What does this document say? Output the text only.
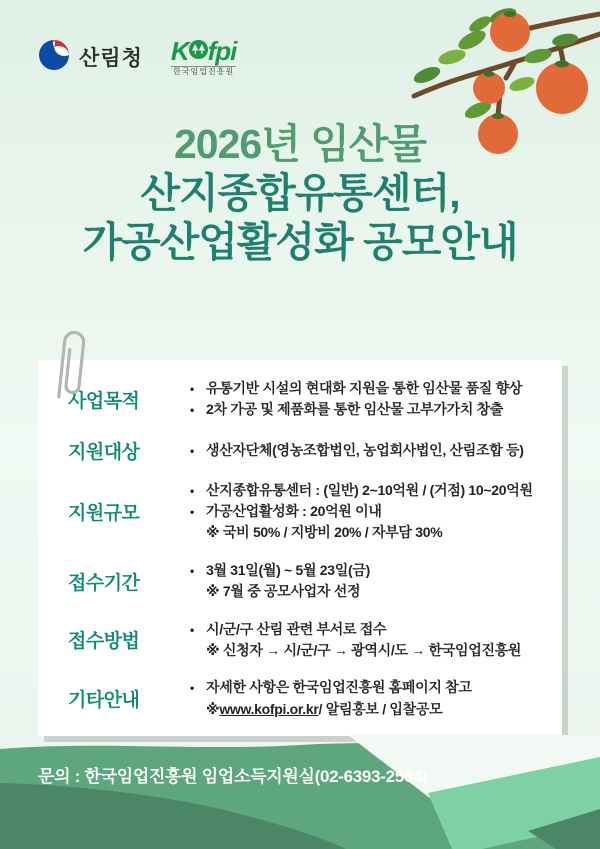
산림청 K fpi
한국임업진흥원
2026년 임산물
산지종합유통센터,
가공산업활성화 공모안내
사업목적
• 유통기반 시설의 현대화 지원을 통한 임산물 품질 향상
• 2차 가공 및 제품화를 통한 임산물 고부가가치 창출
지원대상	• 생산자단체(영농조합법인, 농업회사법인, 산림조합 등)
지원규모
• 산지종합유통센터 : (일반) 2~10억원 / (거점) 10~20억원
• 가공산업활성화 : 20억원 이내
※ 국비 50% / 지방비 20% / 자부담 30%
접수기간
• 3월 31일(월) ~ 5월 23일(금)
※ 7월 중 공모사업자 선정
접수방법
• 시/군/구 산림 관련 부서로 접수
※ 신청자 → 시/군/구 → 광역시/도 → 한국임업진흥원
기타안내
• 자세한 사항은 한국임업진흥원 홈페이지 참고
※ www.kofpi.or.kr / 알림홍보 / 입찰공모
문의 : 한국임업진흥원 임업소득지원실(02-6393-2564)
